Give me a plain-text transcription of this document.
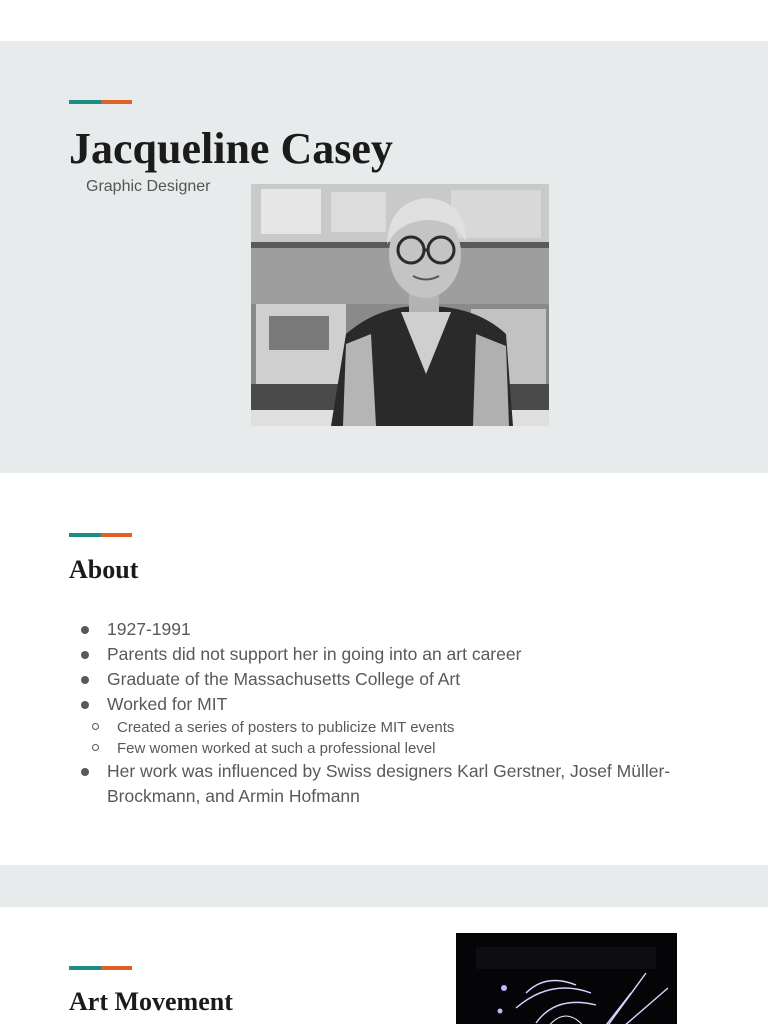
Jacqueline Casey
Graphic Designer
About
1927-1991
Parents did not support her in going into an art career
Graduate of the Massachusetts College of Art
Worked for MIT
Created a series of posters to publicize MIT events
Few women worked at such a professional level
Her work was influenced by Swiss designers Karl Gerstner, Josef Müller-Brockmann, and Armin Hofmann
Art Movement
